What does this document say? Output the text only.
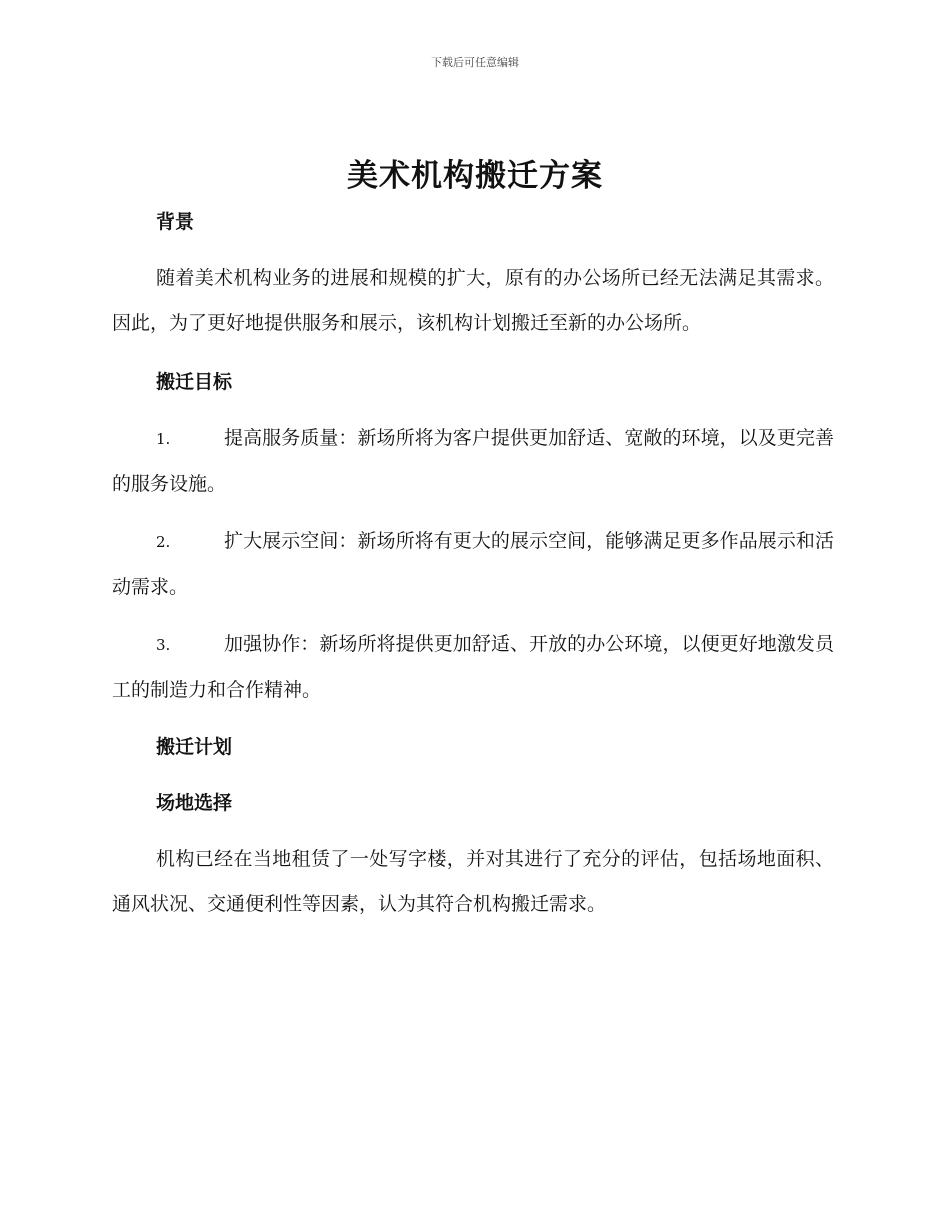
下载后可任意编辑
美术机构搬迁方案
背景

随着美术机构业务的进展和规模的扩大，原有的办公场所已经无法满足其需求。因此，为了更好地提供服务和展示，该机构计划搬迁至新的办公场所。

搬迁目标

1.	提高服务质量：新场所将为客户提供更加舒适、宽敞的环境，以及更完善的服务设施。

2.	扩大展示空间：新场所将有更大的展示空间，能够满足更多作品展示和活动需求。

3.	加强协作：新场所将提供更加舒适、开放的办公环境，以便更好地激发员工的制造力和合作精神。

搬迁计划
场地选择

机构已经在当地租赁了一处写字楼，并对其进行了充分的评估，包括场地面积、通风状况、交通便利性等因素，认为其符合机构搬迁需求。
